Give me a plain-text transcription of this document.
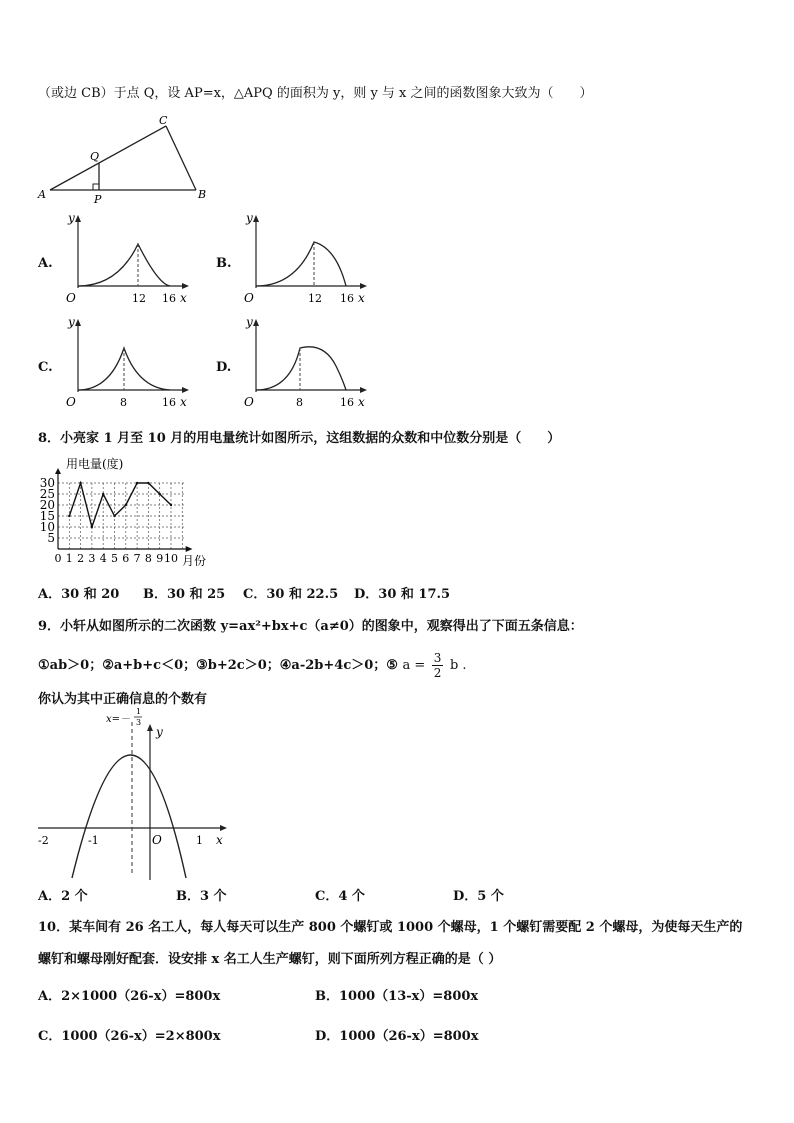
（或边 CB）于点 Q，设 AP=x，△APQ 的面积为 y，则 y 与 x 之间的函数图象大致为（　　）
A	B
C
P
Q
A.
y
O	12 16 x
B.
y
O	12 16 x
C.
y
O	8	16 x
D.
y
O	8	16 x
8．小亮家 1 月至 10 月的用电量统计如图所示，这组数据的众数和中位数分别是（　　）
用电量(度)
5
10
15
20
25
30
0 1 2 3 4 5 6 7 8 9 10 月份
A．30 和 20 B．30 和 25 C．30 和 22.5 D．30 和 17.5
9．小轩从如图所示的二次函数 y=ax²+bx+c（a≠0）的图象中，观察得出了下面五条信息：
①ab＞0；②a+b+c＜0；③b+2c＞0；④a-2b+4c＞0；⑤ $a = \frac{3}{2}$ b .
你认为其中正确信息的个数有
y
x
-2	-1	O	1
x=－
1
3
A．2 个	B．3 个	C．4 个	D．5 个
10．某车间有 26 名工人，每人每天可以生产 800 个螺钉或 1000 个螺母，1 个螺钉需要配 2 个螺母，为使每天生产的
螺钉和螺母刚好配套．设安排 x 名工人生产螺钉，则下面所列方程正确的是（ ）
A．2×1000（26-x）=800x	B．1000（13-x）=800x
C．1000（26-x）=2×800x	D．1000（26-x）=800x
